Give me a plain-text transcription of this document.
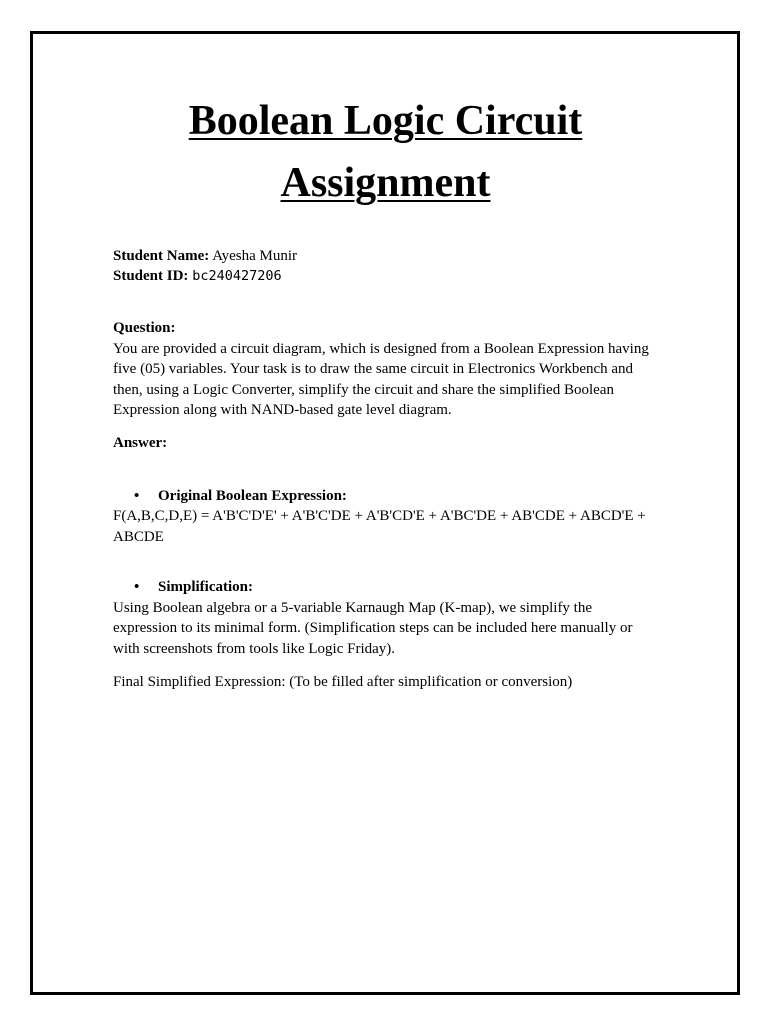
Boolean Logic Circuit
Assignment
Student Name: Ayesha Munir
Student ID: bc240427206
Question:
You are provided a circuit diagram, which is designed from a Boolean Expression having five (05) variables. Your task is to draw the same circuit in Electronics Workbench and then, using a Logic Converter, simplify the circuit and share the simplified Boolean Expression along with NAND-based gate level diagram.
Answer:
• Original Boolean Expression:
F(A,B,C,D,E) = A'B'C'D'E' + A'B'C'DE + A'B'CD'E + A'BC'DE + AB'CDE + ABCD'E + ABCDE
• Simplification:
Using Boolean algebra or a 5-variable Karnaugh Map (K-map), we simplify the expression to its minimal form. (Simplification steps can be included here manually or with screenshots from tools like Logic Friday).
Final Simplified Expression: (To be filled after simplification or conversion)
